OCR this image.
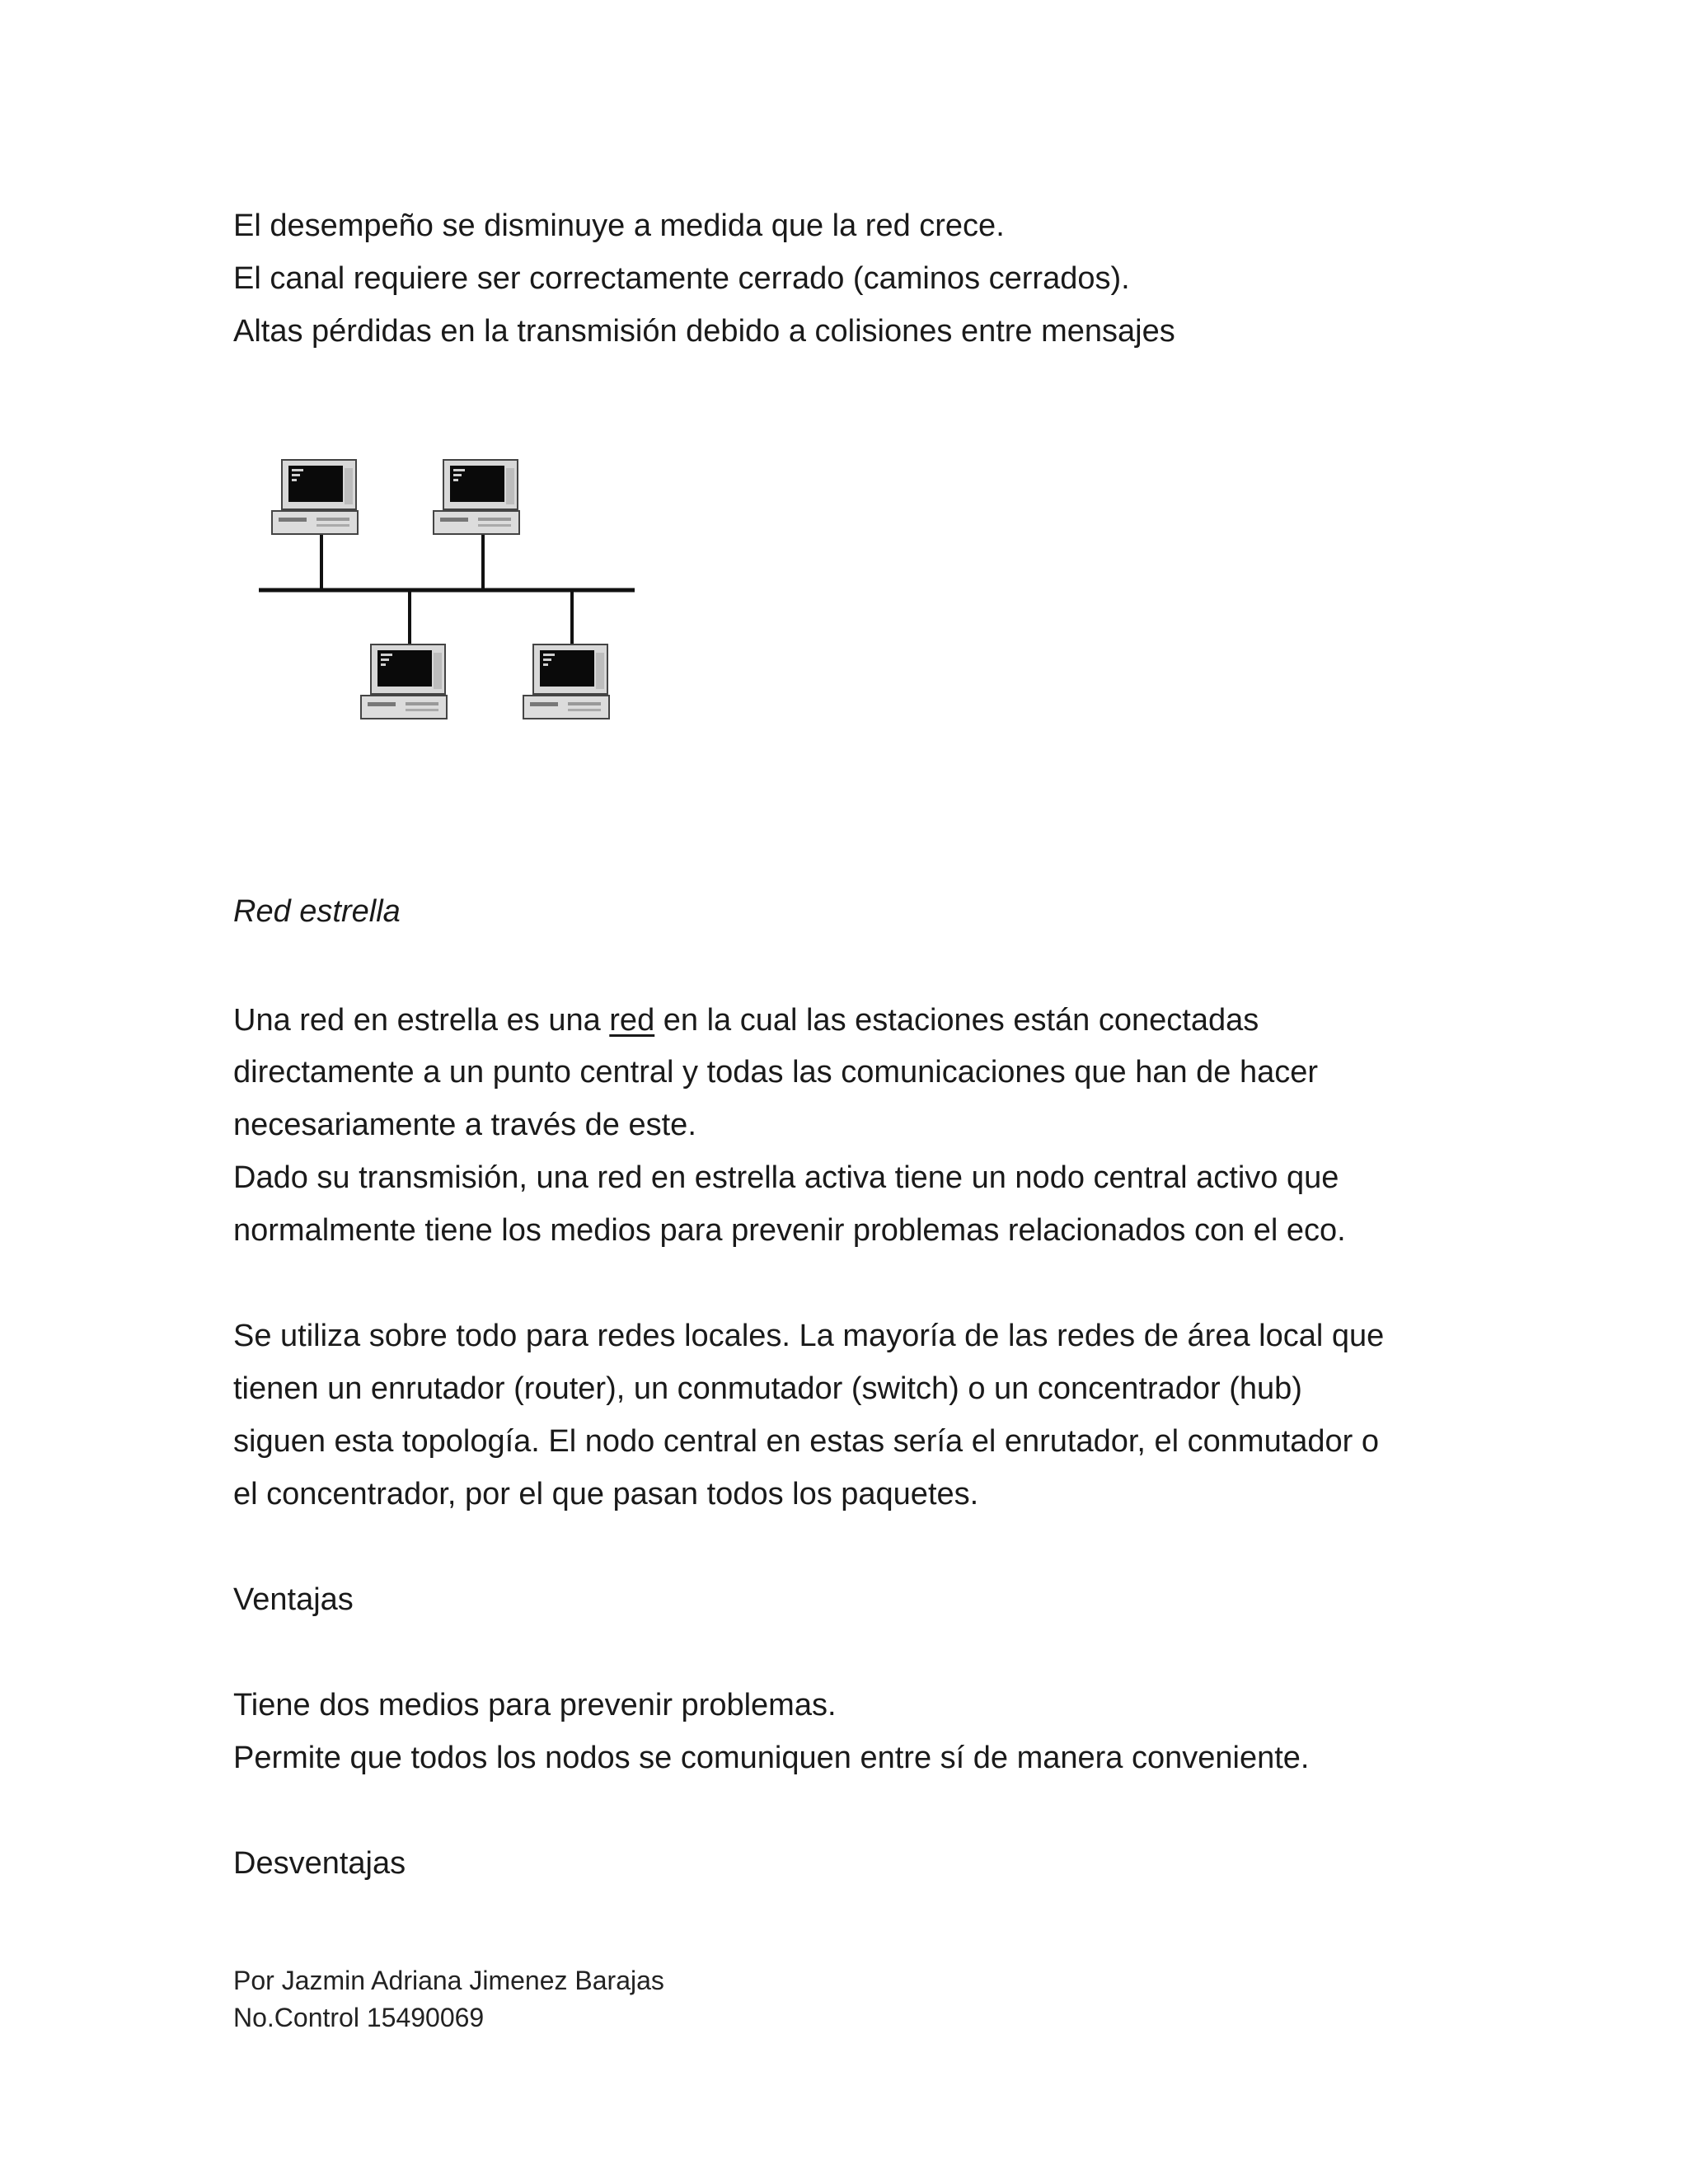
El desempeño se disminuye a medida que la red crece.
El canal requiere ser correctamente cerrado (caminos cerrados).
Altas pérdidas en la transmisión debido a colisiones entre mensajes
Red estrella
Una red en estrella es una red en la cual las estaciones están conectadas
directamente a un punto central y todas las comunicaciones que han de hacer
necesariamente a través de este.
Dado su transmisión, una red en estrella activa tiene un nodo central activo que
normalmente tiene los medios para prevenir problemas relacionados con el eco.
Se utiliza sobre todo para redes locales. La mayoría de las redes de área local que
tienen un enrutador (router), un conmutador (switch) o un concentrador (hub)
siguen esta topología. El nodo central en estas sería el enrutador, el conmutador o
el concentrador, por el que pasan todos los paquetes.
Ventajas
Tiene dos medios para prevenir problemas.
Permite que todos los nodos se comuniquen entre sí de manera conveniente.
Desventajas
Por Jazmin Adriana Jimenez Barajas
No.Control 15490069
